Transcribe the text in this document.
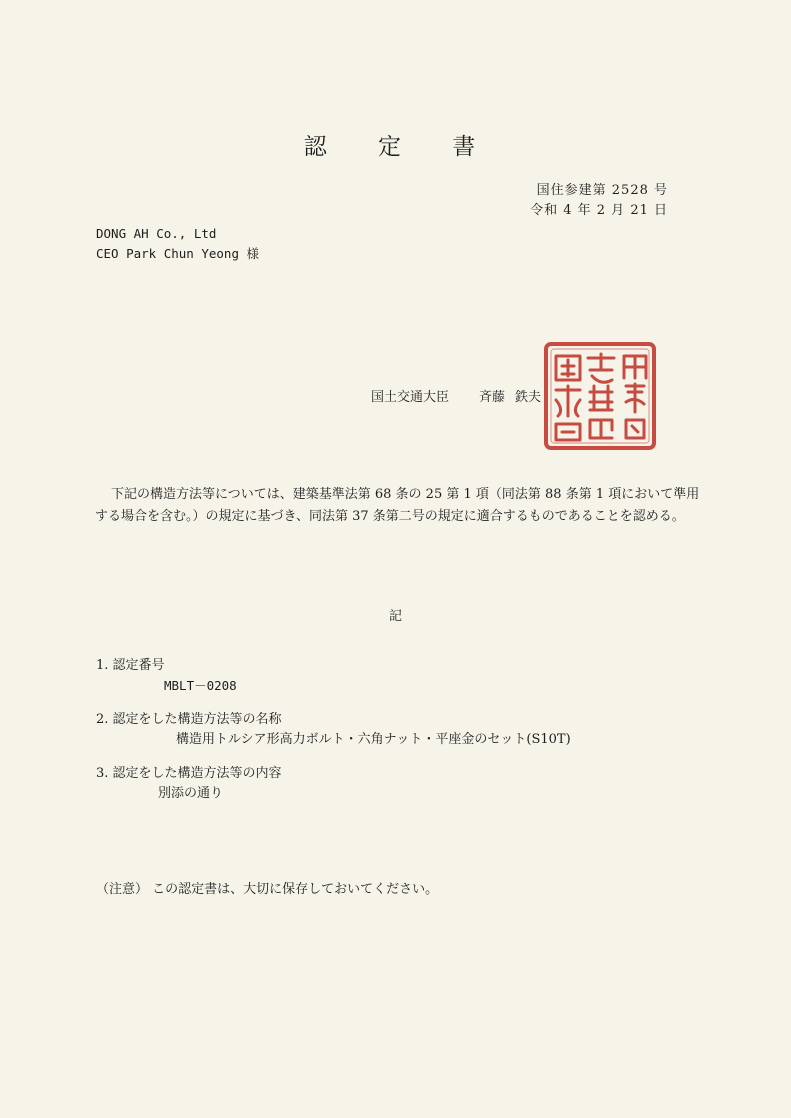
認 定 書
国住参建第 2528 号
令和 4 年 2 月 21 日
DONG AH Co., Ltd
CEO Park Chun Yeong 様
国土交通大臣 斉藤 鉄夫
下記の構造方法等については、建築基準法第 68 条の 25 第 1 項（同法第 88 条第 1 項において準用する場合を含む。）の規定に基づき、同法第 37 条第二号の規定に適合するものであることを認める。
記
1. 認定番号
MBLT－0208
2. 認定をした構造方法等の名称
構造用トルシア形高力ボルト・六角ナット・平座金のセット(S10T)
3. 認定をした構造方法等の内容
別添の通り
（注意） この認定書は、大切に保存しておいてください。
